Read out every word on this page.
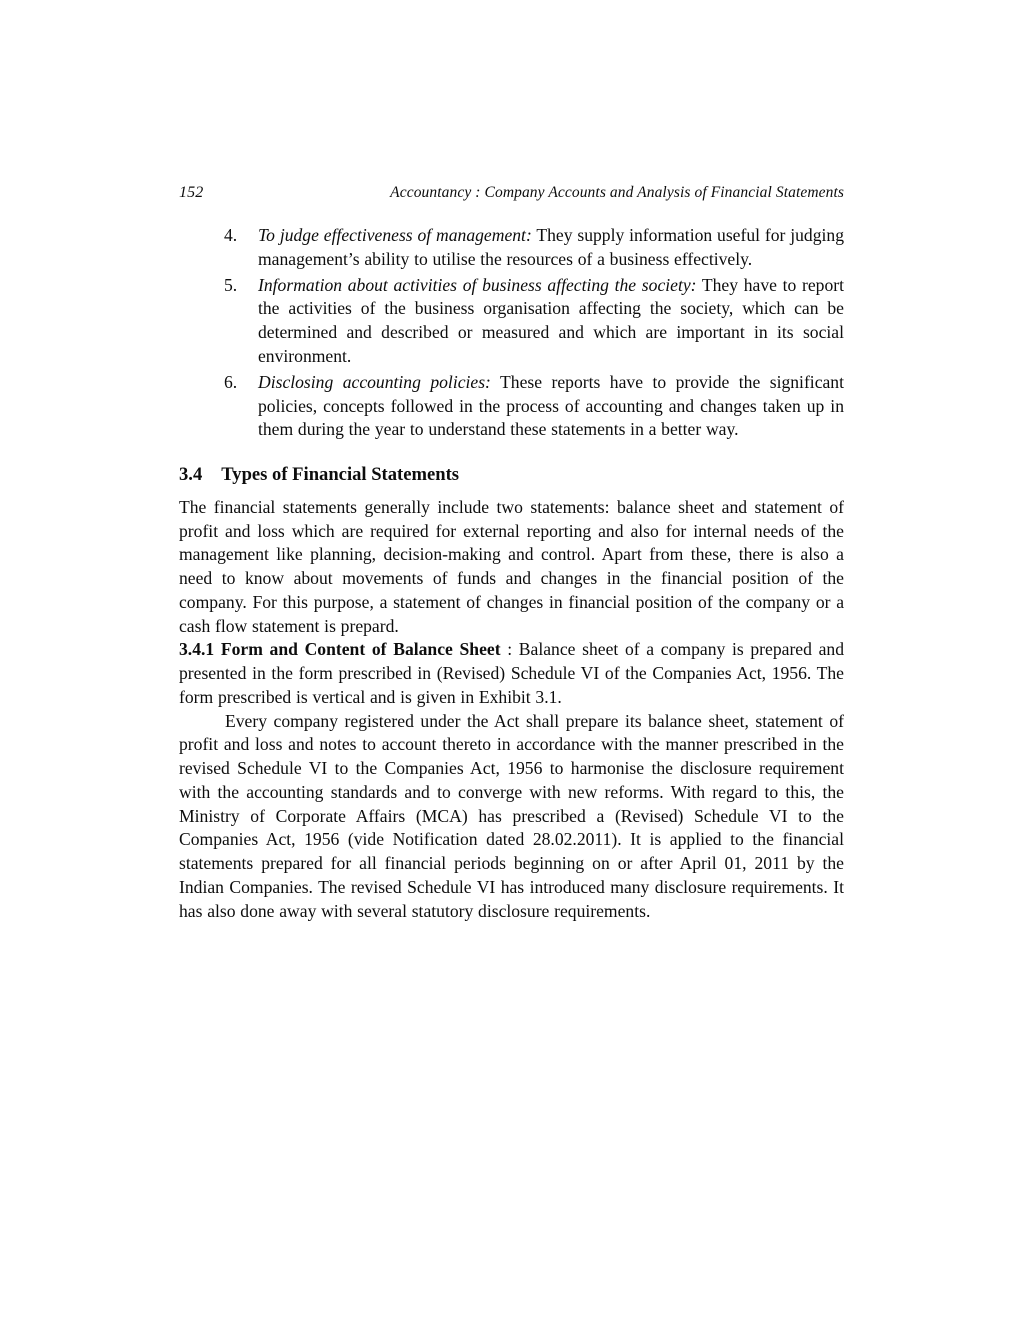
152	Accountancy : Company Accounts and Analysis of Financial Statements
4.	To judge effectiveness of management: They supply information useful for judging management’s ability to utilise the resources of a business effectively.
5.	Information about activities of business affecting the society: They have to report the activities of the business organisation affecting the society, which can be determined and described or measured and which are important in its social environment.
6.	Disclosing accounting policies: These reports have to provide the significant policies, concepts followed in the process of accounting and changes taken up in them during the year to understand these statements in a better way.
3.4 Types of Financial Statements

The financial statements generally include two statements: balance sheet and statement of profit and loss which are required for external reporting and also for internal needs of the management like planning, decision-making and control. Apart from these, there is also a need to know about movements of funds and changes in the financial position of the company. For this purpose, a statement of changes in financial position of the company or a cash flow statement is prepard.

3.4.1 Form and Content of Balance Sheet : Balance sheet of a company is prepared and presented in the form prescribed in (Revised) Schedule VI of the Companies Act, 1956. The form prescribed is vertical and is given in Exhibit 3.1.

Every company registered under the Act shall prepare its balance sheet, statement of profit and loss and notes to account thereto in accordance with the manner prescribed in the revised Schedule VI to the Companies Act, 1956 to harmonise the disclosure requirement with the accounting standards and to converge with new reforms. With regard to this, the Ministry of Corporate Affairs (MCA) has prescribed a (Revised) Schedule VI to the Companies Act, 1956 (vide Notification dated 28.02.2011). It is applied to the financial statements prepared for all financial periods beginning on or after April 01, 2011 by the Indian Companies. The revised Schedule VI has introduced many disclosure requirements. It has also done away with several statutory disclosure requirements.
